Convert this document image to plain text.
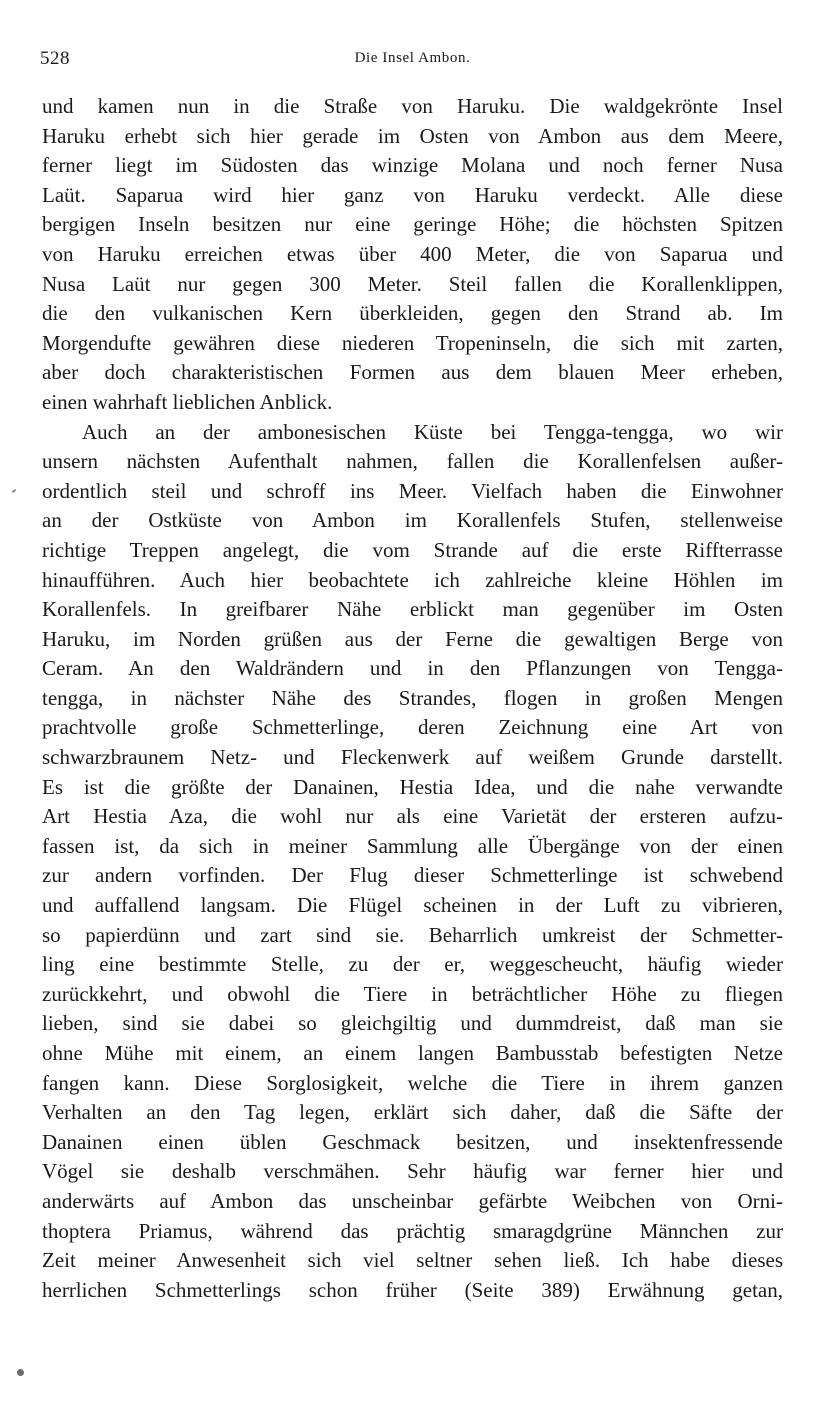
528	Die Insel Ambon.
und kamen nun in die Straße von Haruku. Die waldgekrönte Insel
Haruku erhebt sich hier gerade im Osten von Ambon aus dem Meere,
ferner liegt im Südosten das winzige Molana und noch ferner Nusa
Laüt. Saparua wird hier ganz von Haruku verdeckt. Alle diese
bergigen Inseln besitzen nur eine geringe Höhe; die höchsten Spitzen
von Haruku erreichen etwas über 400 Meter, die von Saparua und
Nusa Laüt nur gegen 300 Meter. Steil fallen die Korallenklippen,
die den vulkanischen Kern überkleiden, gegen den Strand ab. Im
Morgendufte gewähren diese niederen Tropeninseln, die sich mit zarten,
aber doch charakteristischen Formen aus dem blauen Meer erheben,
einen wahrhaft lieblichen Anblick.
Auch an der ambonesischen Küste bei Tengga-tengga, wo wir
unsern nächsten Aufenthalt nahmen, fallen die Korallenfelsen außer-
ordentlich steil und schroff ins Meer. Vielfach haben die Einwohner
an der Ostküste von Ambon im Korallenfels Stufen, stellenweise
richtige Treppen angelegt, die vom Strande auf die erste Riffterrasse
hinaufführen. Auch hier beobachtete ich zahlreiche kleine Höhlen im
Korallenfels. In greifbarer Nähe erblickt man gegenüber im Osten
Haruku, im Norden grüßen aus der Ferne die gewaltigen Berge von
Ceram. An den Waldrändern und in den Pflanzungen von Tengga-
tengga, in nächster Nähe des Strandes, flogen in großen Mengen
prachtvolle große Schmetterlinge, deren Zeichnung eine Art von
schwarzbraunem Netz- und Fleckenwerk auf weißem Grunde darstellt.
Es ist die größte der Danainen, Hestia Idea, und die nahe verwandte
Art Hestia Aza, die wohl nur als eine Varietät der ersteren aufzu-
fassen ist, da sich in meiner Sammlung alle Übergänge von der einen
zur andern vorfinden. Der Flug dieser Schmetterlinge ist schwebend
und auffallend langsam. Die Flügel scheinen in der Luft zu vibrieren,
so papierdünn und zart sind sie. Beharrlich umkreist der Schmetter-
ling eine bestimmte Stelle, zu der er, weggescheucht, häufig wieder
zurückkehrt, und obwohl die Tiere in beträchtlicher Höhe zu fliegen
lieben, sind sie dabei so gleichgiltig und dummdreist, daß man sie
ohne Mühe mit einem, an einem langen Bambusstab befestigten Netze
fangen kann. Diese Sorglosigkeit, welche die Tiere in ihrem ganzen
Verhalten an den Tag legen, erklärt sich daher, daß die Säfte der
Danainen einen üblen Geschmack besitzen, und insektenfressende
Vögel sie deshalb verschmähen. Sehr häufig war ferner hier und
anderwärts auf Ambon das unscheinbar gefärbte Weibchen von Orni-
thoptera Priamus, während das prächtig smaragdgrüne Männchen zur
Zeit meiner Anwesenheit sich viel seltner sehen ließ. Ich habe dieses
herrlichen Schmetterlings schon früher (Seite 389) Erwähnung getan,
